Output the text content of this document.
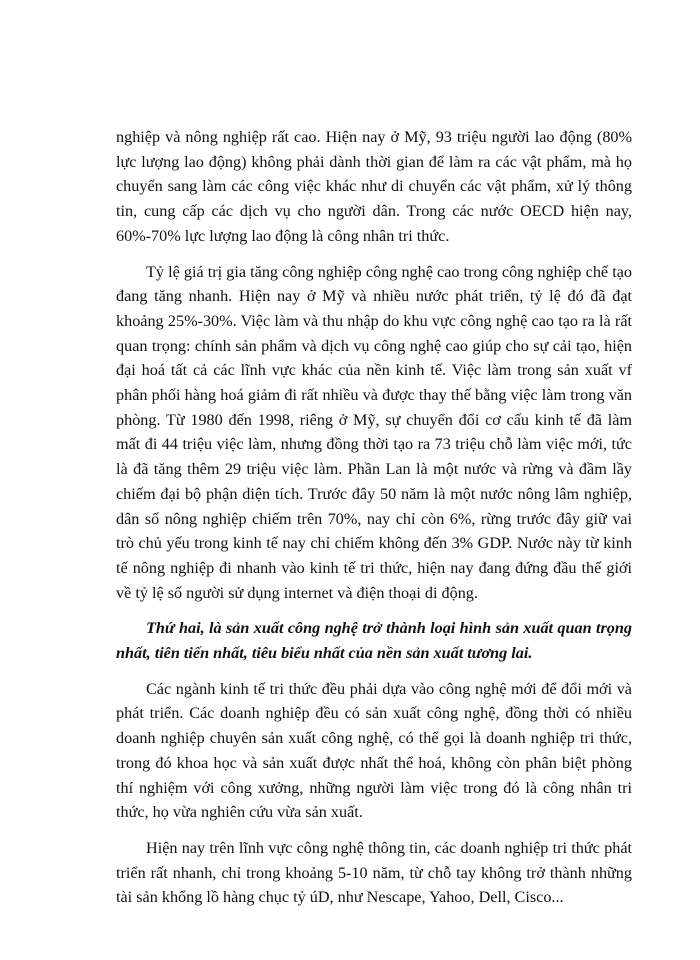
nghiệp và nông nghiệp rất cao. Hiện nay ở Mỹ, 93 triệu người lao động (80% lực lượng lao động) không phải dành thời gian để làm ra các vật phẩm, mà họ chuyển sang làm các công việc khác như di chuyển các vật phẩm, xử lý thông tin, cung cấp các dịch vụ cho người dân. Trong các nước OECD hiện nay, 60%-70% lực lượng lao động là công nhân tri thức.

Tỷ lệ giá trị gia tăng công nghiệp công nghệ cao trong công nghiệp chế tạo đang tăng nhanh. Hiện nay ở Mỹ và nhiều nước phát triển, tỷ lệ đó đã đạt khoảng 25%-30%. Việc làm và thu nhập do khu vực công nghệ cao tạo ra là rất quan trọng: chính sản phẩm và dịch vụ công nghệ cao giúp cho sự cải tạo, hiện đại hoá tất cả các lĩnh vực khác của nền kinh tế. Việc làm trong sản xuất vf phân phối hàng hoá giảm đi rất nhiều và được thay thế bằng việc làm trong văn phòng. Từ 1980 đến 1998, riêng ở Mỹ, sự chuyển đổi cơ cấu kinh tế đã làm mất đi 44 triệu việc làm, nhưng đồng thời tạo ra 73 triệu chỗ làm việc mới, tức là đã tăng thêm 29 triệu việc làm. Phần Lan là một nước và rừng và đầm lầy chiếm đại bộ phận diện tích. Trước đây 50 năm là một nước nông lâm nghiệp, dân số nông nghiệp chiếm trên 70%, nay chỉ còn 6%, rừng trước đây giữ vai trò chủ yếu trong kinh tế nay chỉ chiếm không đến 3% GDP. Nước này từ kinh tế nông nghiệp đi nhanh vào kinh tế tri thức, hiện nay đang đứng đầu thế giới về tỷ lệ số người sử dụng internet và điện thoại di động.

Thứ hai, là sản xuất công nghệ trở thành loại hình sản xuất quan trọng nhất, tiên tiến nhất, tiêu biểu nhất của nền sản xuất tương lai.

Các ngành kinh tế tri thức đều phải dựa vào công nghệ mới để đổi mới và phát triển. Các doanh nghiệp đều có sản xuất công nghệ, đồng thời có nhiều doanh nghiệp chuyên sản xuất công nghệ, có thể gọi là doanh nghiệp tri thức, trong đó khoa học và sản xuất được nhất thể hoá, không còn phân biệt phòng thí nghiệm với công xưởng, những người làm việc trong đó là công nhân tri thức, họ vừa nghiên cứu vừa sản xuất.

Hiện nay trên lĩnh vực công nghệ thông tin, các doanh nghiệp tri thức phát triển rất nhanh, chỉ trong khoảng 5-10 năm, từ chỗ tay không trở thành những tài sản khổng lồ hàng chục tỷ úD, như Nescape, Yahoo, Dell, Cisco...
